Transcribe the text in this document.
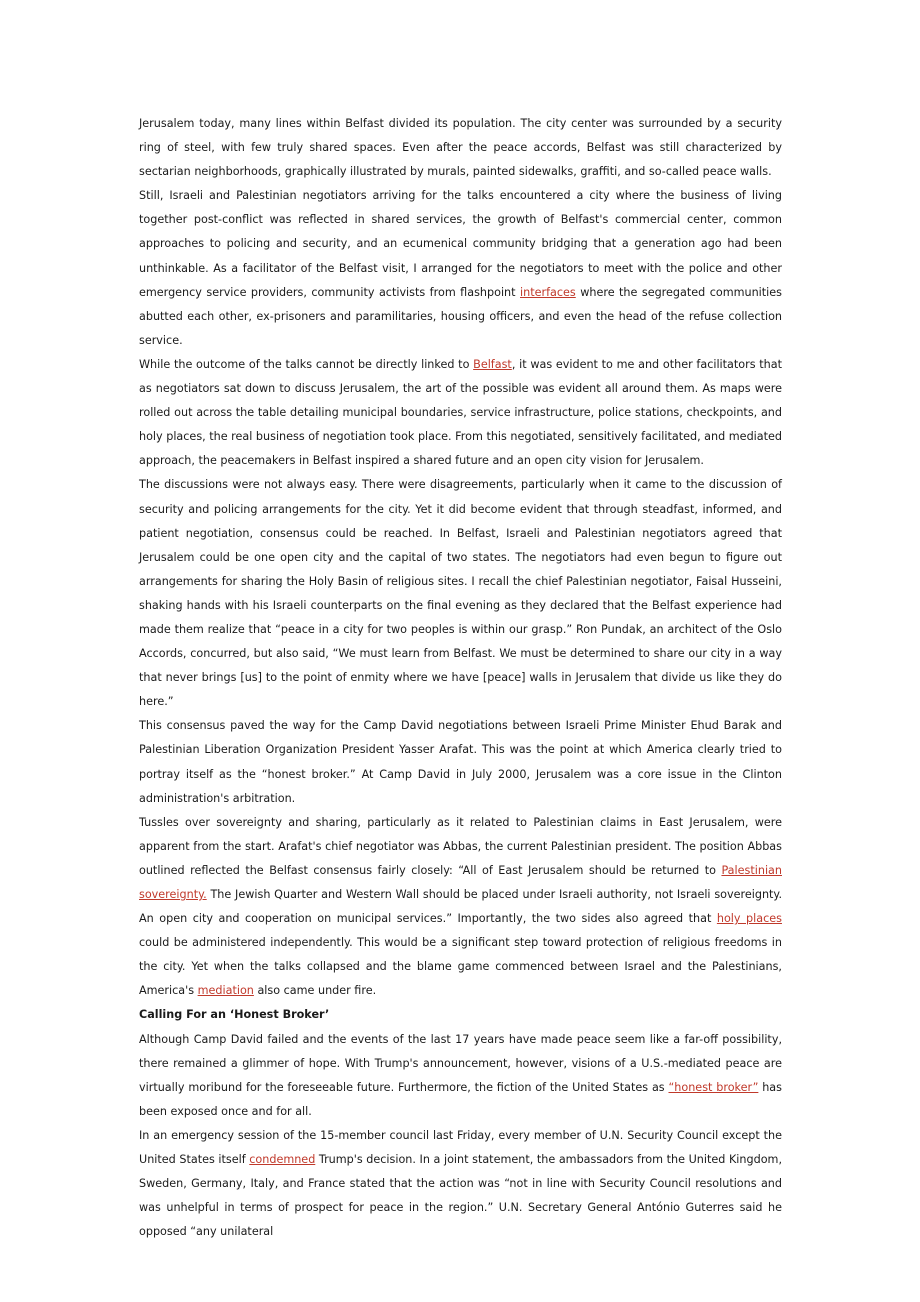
Jerusalem today, many lines within Belfast divided its population. The city center was surrounded by a security ring of steel, with few truly shared spaces. Even after the peace accords, Belfast was still characterized by sectarian neighborhoods, graphically illustrated by murals, painted sidewalks, graffiti, and so-called peace walls.

Still, Israeli and Palestinian negotiators arriving for the talks encountered a city where the business of living together post-conflict was reflected in shared services, the growth of Belfast's commercial center, common approaches to policing and security, and an ecumenical community bridging that a generation ago had been unthinkable. As a facilitator of the Belfast visit, I arranged for the negotiators to meet with the police and other emergency service providers, community activists from flashpoint interfaces where the segregated communities abutted each other, ex-prisoners and paramilitaries, housing officers, and even the head of the refuse collection service.

While the outcome of the talks cannot be directly linked to Belfast, it was evident to me and other facilitators that as negotiators sat down to discuss Jerusalem, the art of the possible was evident all around them. As maps were rolled out across the table detailing municipal boundaries, service infrastructure, police stations, checkpoints, and holy places, the real business of negotiation took place. From this negotiated, sensitively facilitated, and mediated approach, the peacemakers in Belfast inspired a shared future and an open city vision for Jerusalem.

The discussions were not always easy. There were disagreements, particularly when it came to the discussion of security and policing arrangements for the city. Yet it did become evident that through steadfast, informed, and patient negotiation, consensus could be reached. In Belfast, Israeli and Palestinian negotiators agreed that Jerusalem could be one open city and the capital of two states. The negotiators had even begun to figure out arrangements for sharing the Holy Basin of religious sites. I recall the chief Palestinian negotiator, Faisal Husseini, shaking hands with his Israeli counterparts on the final evening as they declared that the Belfast experience had made them realize that “peace in a city for two peoples is within our grasp.” Ron Pundak, an architect of the Oslo Accords, concurred, but also said, “We must learn from Belfast. We must be determined to share our city in a way that never brings [us] to the point of enmity where we have [peace] walls in Jerusalem that divide us like they do here.”

This consensus paved the way for the Camp David negotiations between Israeli Prime Minister Ehud Barak and Palestinian Liberation Organization President Yasser Arafat. This was the point at which America clearly tried to portray itself as the “honest broker.” At Camp David in July 2000, Jerusalem was a core issue in the Clinton administration's arbitration.

Tussles over sovereignty and sharing, particularly as it related to Palestinian claims in East Jerusalem, were apparent from the start. Arafat's chief negotiator was Abbas, the current Palestinian president. The position Abbas outlined reflected the Belfast consensus fairly closely: “All of East Jerusalem should be returned to Palestinian sovereignty. The Jewish Quarter and Western Wall should be placed under Israeli authority, not Israeli sovereignty. An open city and cooperation on municipal services.” Importantly, the two sides also agreed that holy places could be administered independently. This would be a significant step toward protection of religious freedoms in the city. Yet when the talks collapsed and the blame game commenced between Israel and the Palestinians, America's mediation also came under fire.

Calling For an ‘Honest Broker’

Although Camp David failed and the events of the last 17 years have made peace seem like a far-off possibility, there remained a glimmer of hope. With Trump's announcement, however, visions of a U.S.-mediated peace are virtually moribund for the foreseeable future. Furthermore, the fiction of the United States as “honest broker” has been exposed once and for all.

In an emergency session of the 15-member council last Friday, every member of U.N. Security Council except the United States itself condemned Trump's decision. In a joint statement, the ambassadors from the United Kingdom, Sweden, Germany, Italy, and France stated that the action was “not in line with Security Council resolutions and was unhelpful in terms of prospect for peace in the region.” U.N. Secretary General António Guterres said he opposed “any unilateral
